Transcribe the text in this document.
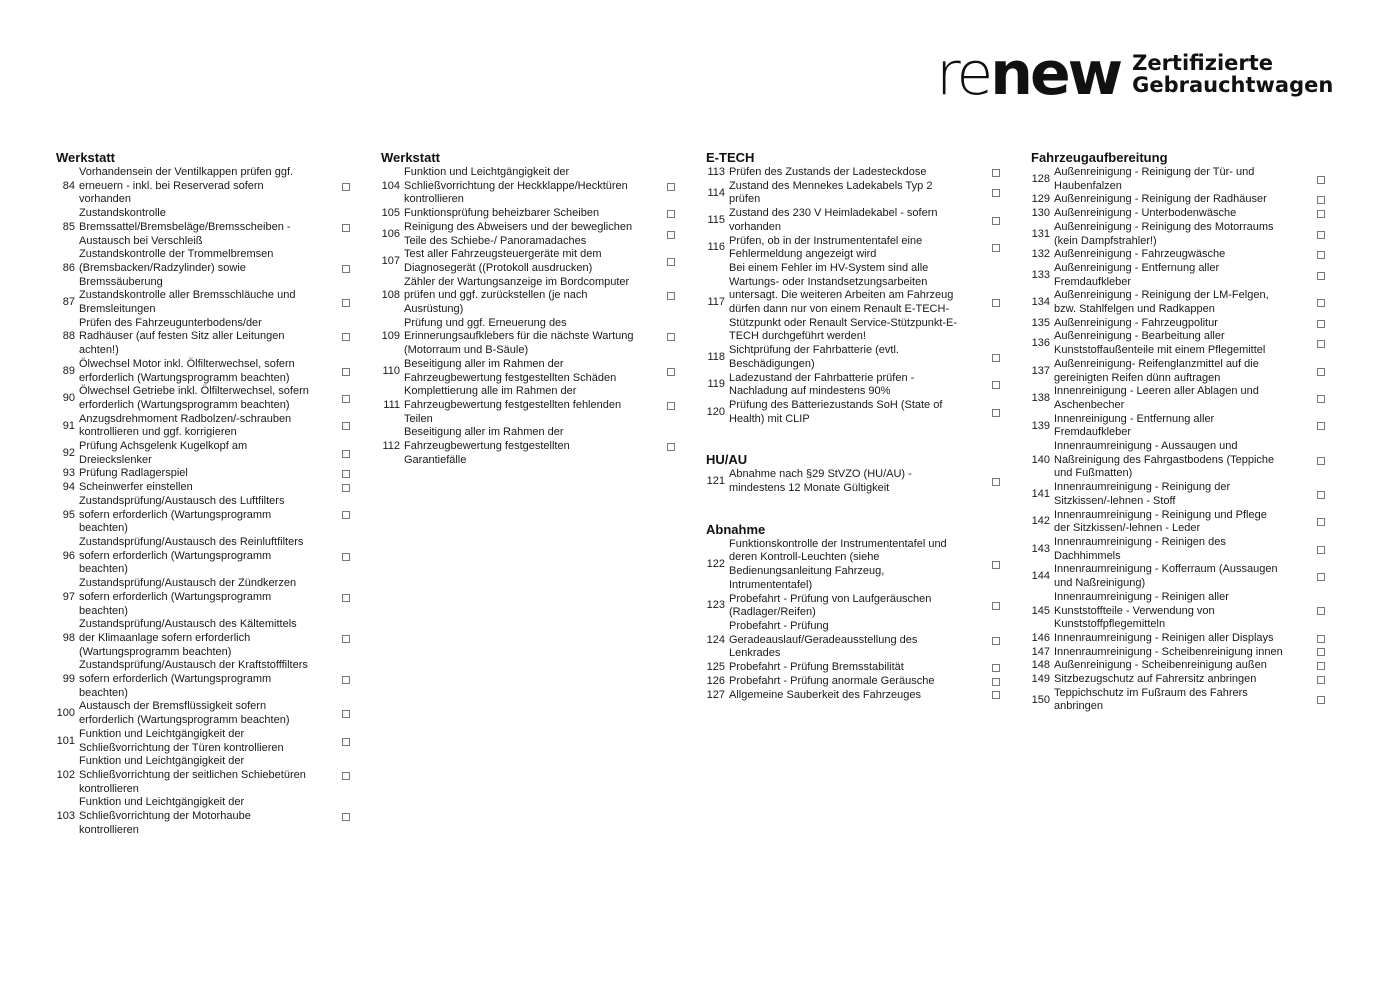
re new Zertifizierte
Gebrauchtwagen
Werkstatt
84
Vorhandensein der Ventilkappen prüfen ggf. erneuern - inkl. bei Reserverad sofern vorhanden
85
Zustandskontrolle Bremssattel/Bremsbeläge/Bremsscheiben - Austausch bei Verschleiß
86
Zustandskontrolle der Trommelbremsen (Bremsbacken/Radzylinder) sowie Bremssäuberung
87
Zustandskontrolle aller Bremsschläuche und Bremsleitungen
88
Prüfen des Fahrzeugunterbodens/der Radhäuser (auf festen Sitz aller Leitungen achten!)
89
Ölwechsel Motor inkl. Ölfilterwechsel, sofern erforderlich (Wartungsprogramm beachten)
90
Ölwechsel Getriebe inkl. Ölfilterwechsel, sofern erforderlich (Wartungsprogramm beachten)
91
Anzugsdrehmoment Radbolzen/-schrauben kontrollieren und ggf. korrigieren
92
Prüfung Achsgelenk Kugelkopf am Dreieckslenker
93 Prüfung Radlagerspiel
94 Scheinwerfer einstellen
95
Zustandsprüfung/Austausch des Luftfilters sofern erforderlich (Wartungsprogramm beachten)
96
Zustandsprüfung/Austausch des Reinluftfilters sofern erforderlich (Wartungsprogramm beachten)
97
Zustandsprüfung/Austausch der Zündkerzen sofern erforderlich (Wartungsprogramm beachten)
98
Zustandsprüfung/Austausch des Kältemittels der Klimaanlage sofern erforderlich (Wartungsprogramm beachten)
99
Zustandsprüfung/Austausch der Kraftstofffilters sofern erforderlich (Wartungsprogramm beachten)
100
Austausch der Bremsflüssigkeit sofern erforderlich (Wartungsprogramm beachten)
101
Funktion und Leichtgängigkeit der Schließvorrichtung der Türen kontrollieren
102
Funktion und Leichtgängigkeit der Schließvorrichtung der seitlichen Schiebetüren kontrollieren
103
Funktion und Leichtgängigkeit der Schließvorrichtung der Motorhaube kontrollieren
Werkstatt
104
Funktion und Leichtgängigkeit der Schließvorrichtung der Heckklappe/Hecktüren kontrollieren
105 Funktionsprüfung beheizbarer Scheiben
106
Reinigung des Abweisers und der beweglichen Teile des Schiebe-/ Panoramadaches
107
Test aller Fahrzeugsteuergeräte mit dem Diagnosegerät ((Protokoll ausdrucken)
108
Zähler der Wartungsanzeige im Bordcomputer prüfen und ggf. zurückstellen (je nach Ausrüstung)
109
Prüfung und ggf. Erneuerung des Erinnerungsaufklebers für die nächste Wartung (Motorraum und B-Säule)
110
Beseitigung aller im Rahmen der Fahrzeugbewertung festgestellten Schäden
111
Komplettierung alle im Rahmen der Fahrzeugbewertung festgestellten fehlenden Teilen
112
Beseitigung aller im Rahmen der Fahrzeugbewertung festgestellten Garantiefälle
E-TECH
113 Prüfen des Zustands der Ladesteckdose
114
Zustand des Mennekes Ladekabels Typ 2 prüfen
115
Zustand des 230 V Heimladekabel - sofern vorhanden
116
Prüfen, ob in der Instrumententafel eine Fehlermeldung angezeigt wird
117
Bei einem Fehler im HV-System sind alle Wartungs- oder Instandsetzungsarbeiten untersagt. Die weiteren Arbeiten am Fahrzeug dürfen dann nur von einem Renault E-TECH-Stützpunkt oder Renault Service-Stützpunkt-E-TECH durchgeführt werden!
118
Sichtprüfung der Fahrbatterie (evtl. Beschädigungen)
119
Ladezustand der Fahrbatterie prüfen - Nachladung auf mindestens 90%
120
Prüfung des Batteriezustands SoH (State of Health) mit CLIP
HU/AU
121
Abnahme nach §29 StVZO (HU/AU) - mindestens 12 Monate Gültigkeit
Abnahme
122
Funktionskontrolle der Instrumententafel und deren Kontroll-Leuchten (siehe Bedienungsanleitung Fahrzeug, Intrumententafel)
123
Probefahrt - Prüfung von Laufgeräuschen (Radlager/Reifen)
124
Probefahrt - Prüfung Geradeauslauf/Geradeausstellung des Lenkrades
125 Probefahrt - Prüfung Bremsstabilität
126 Probefahrt - Prüfung anormale Geräusche
127 Allgemeine Sauberkeit des Fahrzeuges
Fahrzeugaufbereitung
128
Außenreinigung - Reinigung der Tür- und Haubenfalzen
129 Außenreinigung - Reinigung der Radhäuser
130 Außenreinigung - Unterbodenwäsche
131
Außenreinigung - Reinigung des Motorraums (kein Dampfstrahler!)
132 Außenreinigung - Fahrzeugwäsche
133
Außenreinigung - Entfernung aller Fremdaufkleber
134
Außenreinigung - Reinigung der LM-Felgen, bzw. Stahlfelgen und Radkappen
135 Außenreinigung - Fahrzeugpolitur
136
Außenreinigung - Bearbeitung aller Kunststoffaußenteile mit einem Pflegemittel
137
Außenreinigung- Reifenglanzmittel auf die gereinigten Reifen dünn auftragen
138
Innenreinigung - Leeren aller Ablagen und Aschenbecher
139
Innenreinigung - Entfernung aller Fremdaufkleber
140
Innenraumreinigung - Aussaugen und Naßreinigung des Fahrgastbodens (Teppiche und Fußmatten)
141
Innenraumreinigung - Reinigung der Sitzkissen/-lehnen - Stoff
142
Innenraumreinigung - Reinigung und Pflege der Sitzkissen/-lehnen - Leder
143
Innenraumreinigung - Reinigen des Dachhimmels
144
Innenraumreinigung - Kofferraum (Aussaugen und Naßreinigung)
145
Innenraumreinigung - Reinigen aller Kunststoffteile - Verwendung von Kunststoffpflegemitteln
146 Innenraumreinigung - Reinigen aller Displays
147 Innenraumreinigung - Scheibenreinigung innen
148 Außenreinigung - Scheibenreinigung außen
149 Sitzbezugschutz auf Fahrersitz anbringen
150
Teppichschutz im Fußraum des Fahrers anbringen
